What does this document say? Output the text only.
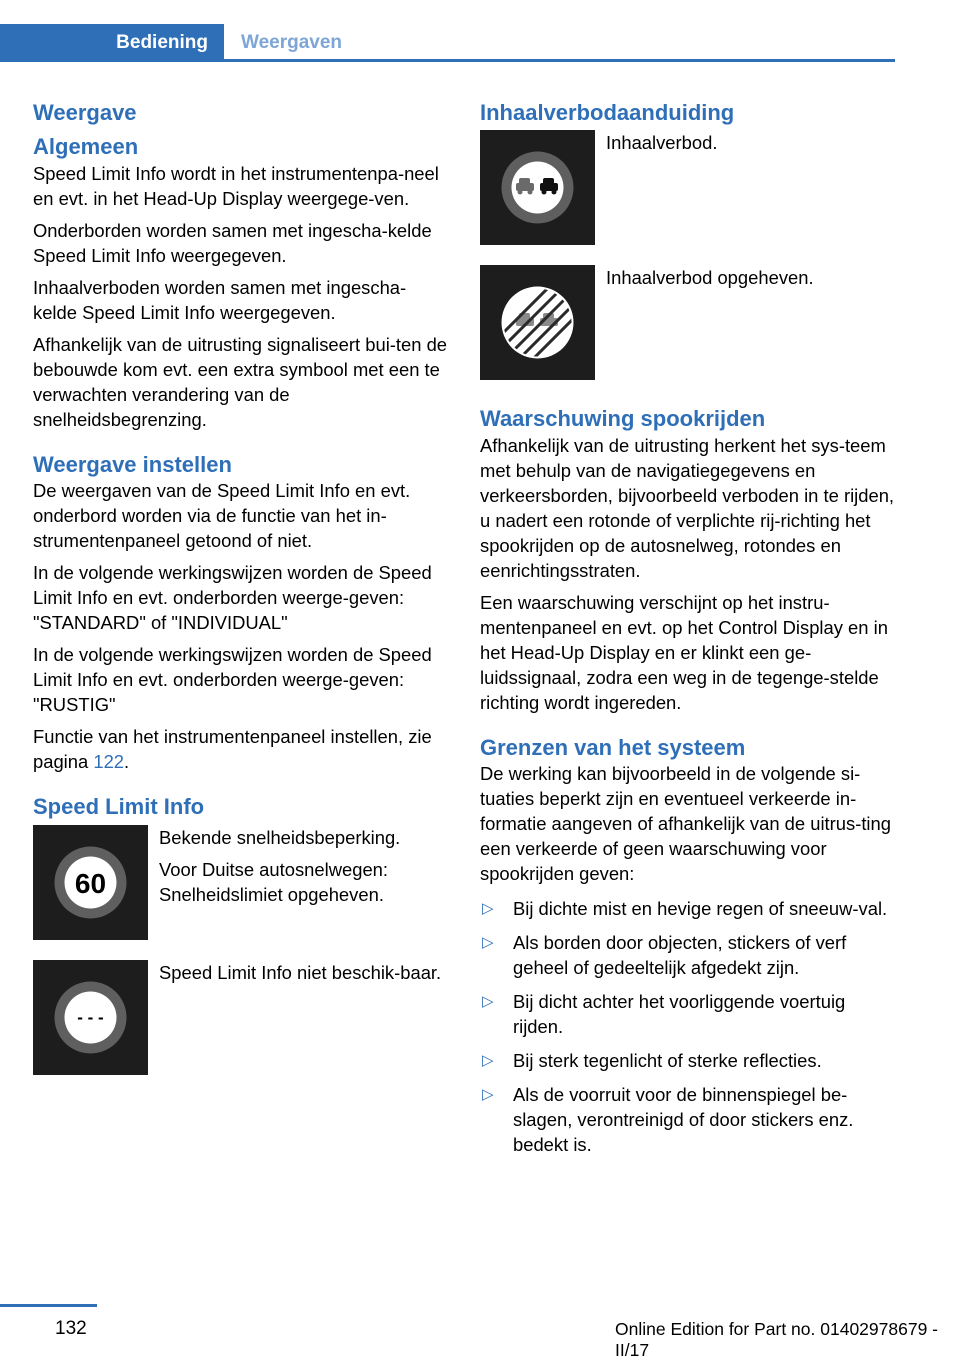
Bediening	Weergaven
Weergave
Algemeen

Speed Limit Info wordt in het instrumentenpa‐neel en evt. in het Head-Up Display weergege‐ven.

Onderborden worden samen met ingescha‐kelde Speed Limit Info weergegeven.

Inhaalverboden worden samen met ingescha‐kelde Speed Limit Info weergegeven.

Afhankelijk van de uitrusting signaliseert bui‐ten de bebouwde kom evt. een extra symbool met een te verwachten verandering van de snelheidsbegrenzing.

Weergave instellen

De weergaven van de Speed Limit Info en evt. onderbord worden via de functie van het in‐strumentenpaneel getoond of niet.

In de volgende werkingswijzen worden de Speed Limit Info en evt. onderborden weerge‐geven: "STANDARD" of "INDIVIDUAL"

In de volgende werkingswijzen worden de Speed Limit Info en evt. onderborden weerge‐geven: "RUSTIG"

Functie van het instrumentenpaneel instellen, zie pagina 122.

Speed Limit Info
60

Bekende snelheidsbeperking.

Voor Duitse autosnelwegen: Snelheidslimiet opgeheven.

- - -

Speed Limit Info niet beschik‐baar.

Inhaalverbodaanduiding

Inhaalverbod.

Inhaalverbod opgeheven.

Waarschuwing spookrijden

Afhankelijk van de uitrusting herkent het sys‐teem met behulp van de navigatiegegevens en verkeersborden, bijvoorbeeld verboden in te rijden, u nadert een rotonde of verplichte rij‐richting het spookrijden op de autosnelweg, rotondes en eenrichtingsstraten.

Een waarschuwing verschijnt op het instru‐mentenpaneel en evt. op het Control Display en in het Head-Up Display en er klinkt een ge‐luidssignaal, zodra een weg in de tegenge‐stelde richting wordt ingereden.

Grenzen van het systeem

De werking kan bijvoorbeeld in de volgende si‐tuaties beperkt zijn en eventueel verkeerde in‐formatie aangeven of afhankelijk van de uitrus‐ting een verkeerde of geen waarschuwing voor spookrijden geven:

▷ Bij dichte mist en hevige regen of sneeuw‐val.
▷ Als borden door objecten, stickers of verf geheel of gedeeltelijk afgedekt zijn.
▷ Bij dicht achter het voorliggende voertuig rijden.
▷ Bij sterk tegenlicht of sterke reflecties.
▷ Als de voorruit voor de binnenspiegel be‐slagen, verontreinigd of door stickers enz. bedekt is.
132	Online Edition for Part no. 01402978679 - II/17
